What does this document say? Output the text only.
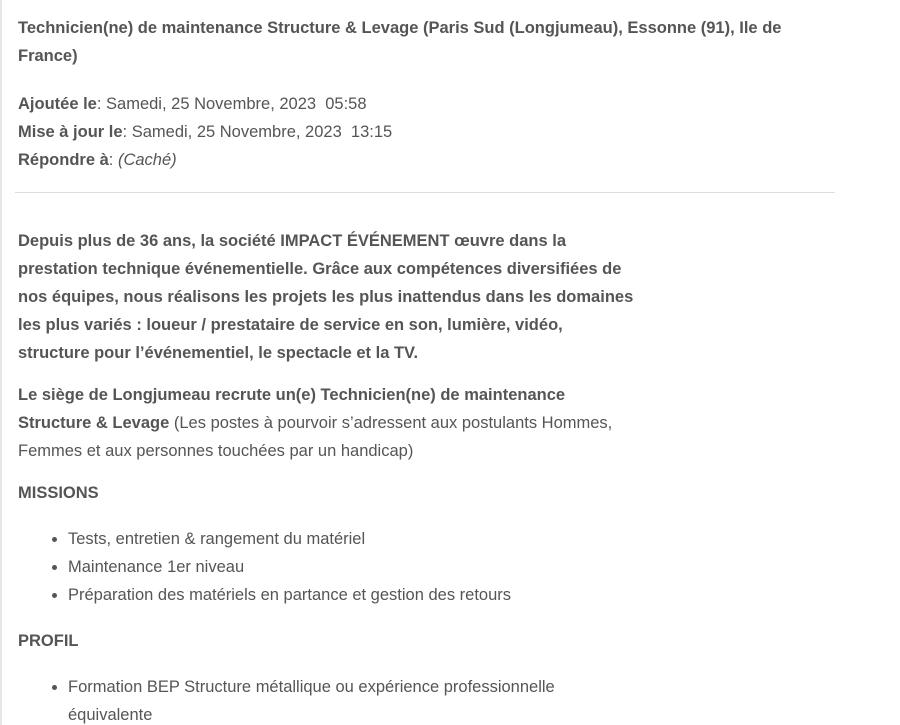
Technicien(ne) de maintenance Structure & Levage (Paris Sud (Longjumeau), Essonne (91), Ile de France)

Ajoutée le: Samedi, 25 Novembre, 2023  05:58
Mise à jour le: Samedi, 25 Novembre, 2023  13:15
Répondre à: (Caché)

Depuis plus de 36 ans, la société IMPACT ÉVÉNEMENT œuvre dans la prestation technique événementielle. Grâce aux compétences diversifiées de nos équipes, nous réalisons les projets les plus inattendus dans les domaines les plus variés : loueur / prestataire de service en son, lumière, vidéo, structure pour l’événementiel, le spectacle et la TV.

Le siège de Longjumeau recrute un(e) Technicien(ne) de maintenance Structure & Levage (Les postes à pourvoir s’adressent aux postulants Hommes, Femmes et aux personnes touchées par un handicap)

MISSIONS

• Tests, entretien & rangement du matériel
• Maintenance 1er niveau
• Préparation des matériels en partance et gestion des retours

PROFIL

• Formation BEP Structure métallique ou expérience professionnelle équivalente
